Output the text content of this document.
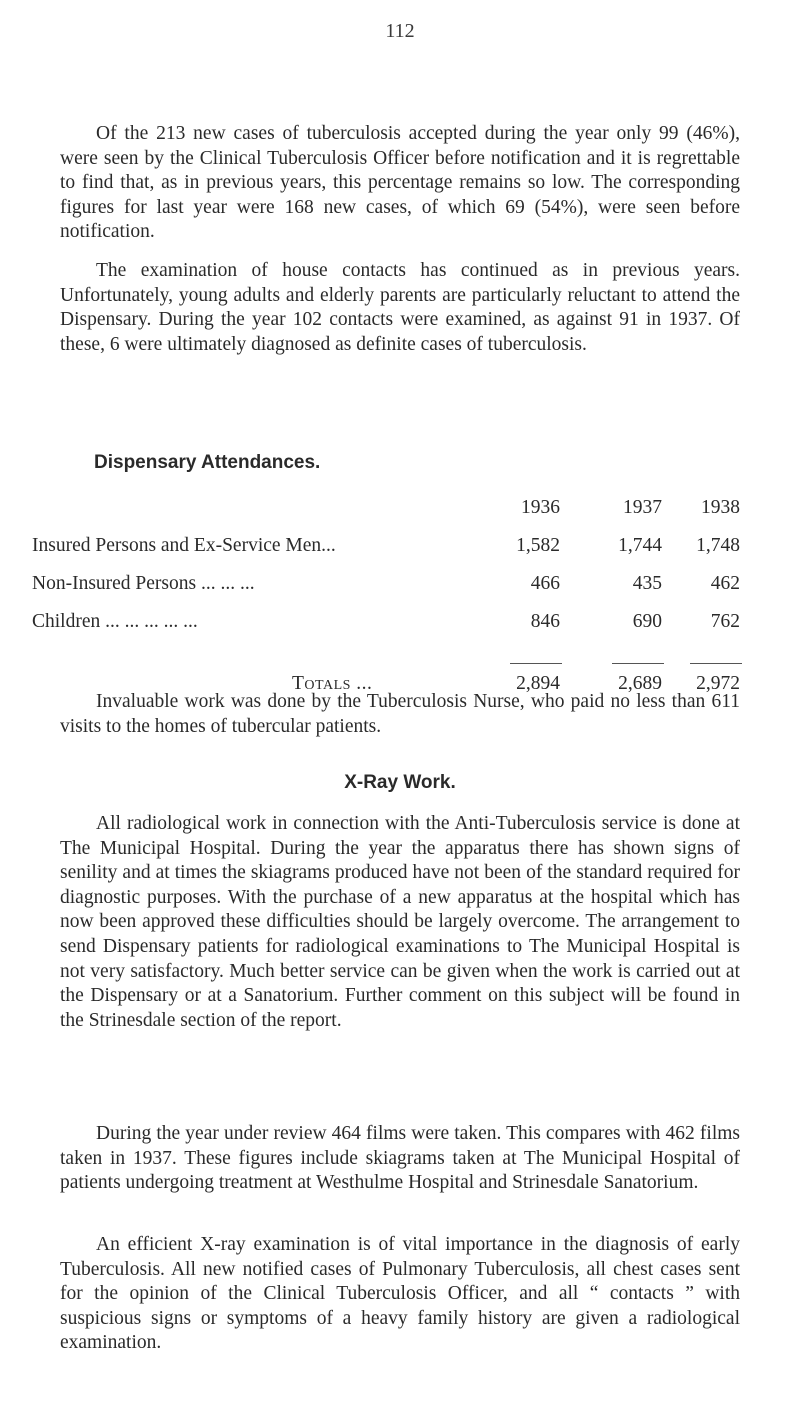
112

Of the 213 new cases of tuberculosis accepted during the year only 99 (46%), were seen by the Clinical Tuberculosis Officer before notification and it is regrettable to find that, as in previous years, this percentage remains so low. The corresponding figures for last year were 168 new cases, of which 69 (54%), were seen before notification.

The examination of house contacts has continued as in previous years. Unfortunately, young adults and elderly parents are particularly reluctant to attend the Dispensary. During the year 102 contacts were examined, as against 91 in 1937. Of these, 6 were ultimately diagnosed as definite cases of tuberculosis.

Dispensary Attendances.
1936	1937	1938
Insured Persons and Ex-Service Men...	1,582	1,744	1,748
Non-Insured Persons ... ... ...	466	435	462
Children ... ... ... ... ...	846	690	762
Totals ...	2,894	2,689	2,972

Invaluable work was done by the Tuberculosis Nurse, who paid no less than 611 visits to the homes of tubercular patients.

X-Ray Work.

All radiological work in connection with the Anti-Tuberculosis service is done at The Municipal Hospital. During the year the apparatus there has shown signs of senility and at times the skiagrams produced have not been of the standard required for diagnostic purposes. With the purchase of a new apparatus at the hospital which has now been approved these difficulties should be largely overcome. The arrangement to send Dispensary patients for radiological examinations to The Municipal Hospital is not very satisfactory. Much better service can be given when the work is carried out at the Dispensary or at a Sanatorium. Further comment on this subject will be found in the Strinesdale section of the report.

During the year under review 464 films were taken. This compares with 462 films taken in 1937. These figures include skiagrams taken at The Municipal Hospital of patients undergoing treatment at Westhulme Hospital and Strinesdale Sanatorium.

An efficient X-ray examination is of vital importance in the diagnosis of early Tuberculosis. All new notified cases of Pulmonary Tuberculosis, all chest cases sent for the opinion of the Clinical Tuberculosis Officer, and all “ contacts ” with suspicious signs or symptoms of a heavy family history are given a radiological examination.
